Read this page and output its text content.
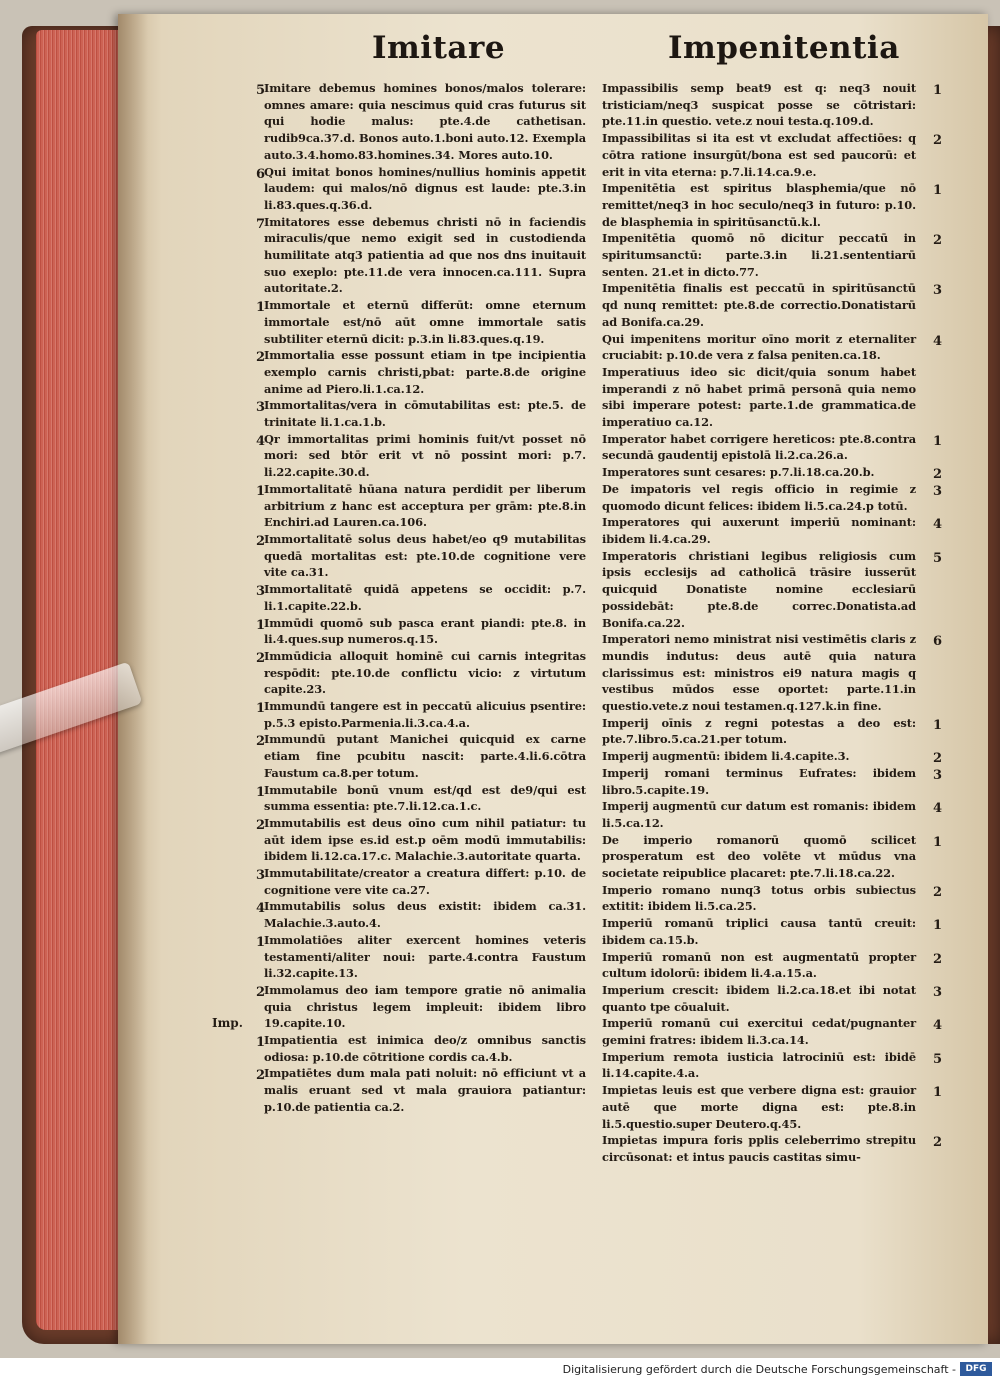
Imitare	Impenitentia
5
Imitare debemus homines bonos/malos tolerare: omnes amare: quia nescimus quid cras futurus sit qui hodie malus: pte.4.de cathetisan. rudib9ca.37.d. Bonos auto.1.boni auto.12. Exempla auto.3.4.homo.83.homines.34. Mores auto.10.
6
Qui imitat bonos homines/nullius hominis appetit laudem: qui malos/nō dignus est laude: pte.3.in li.83.ques.q.36.d.
7
Imitatores esse debemus christi nō in faciendis miraculis/que nemo exigit sed in custodienda humilitate atq3 patientia ad que nos dns inuitauit suo exeplo: pte.11.de vera innocen.ca.111. Supra autoritate.2.
1
Immortale et eternū differūt: omne eternum immortale est/nō aūt omne immortale satis subtiliter eternū dicit: p.3.in li.83.ques.q.19.
2
Immortalia esse possunt etiam in tpe incipientia exemplo carnis christi,pbat: parte.8.de origine anime ad Piero.li.1.ca.12.
3
Immortalitas/vera in cōmutabilitas est: pte.5. de trinitate li.1.ca.1.b.
4
Qr immortalitas primi hominis fuit/vt posset nō mori: sed btōr erit vt nō possint mori: p.7. li.22.capite.30.d.
1
Immortalitatē hūana natura perdidit per liberum arbitrium z hanc est acceptura per grām: pte.8.in Enchiri.ad Lauren.ca.106.
2
Immortalitatē solus deus habet/eo q9 mutabilitas quedā mortalitas est: pte.10.de cognitione vere vite ca.31.
3
Immortalitatē quidā appetens se occidit: p.7. li.1.capite.22.b.
1
Immūdi quomō sub pasca erant piandi: pte.8. in li.4.ques.sup numeros.q.15.
2
Immūdicia alloquit hominē cui carnis integritas respōdit: pte.10.de conflictu vicio: z virtutum capite.23.
1
Immundū tangere est in peccatū alicuius psentire: p.5.3 episto.Parmenia.li.3.ca.4.a.
2
Immundū putant Manichei quicquid ex carne etiam fine pcubitu nascit: parte.4.li.6.cōtra Faustum ca.8.per totum.
1
Immutabile bonū vnum est/qd est de9/qui est summa essentia: pte.7.li.12.ca.1.c.
2
Immutabilis est deus oīno cum nihil patiatur: tu aūt idem ipse es.id est.p oēm modū immutabilis: ibidem li.12.ca.17.c. Malachie.3.autoritate quarta.
3
Immutabilitate/creator a creatura differt: p.10. de cognitione vere vite ca.27.
4
Immutabilis solus deus existit: ibidem ca.31. Malachie.3.auto.4.
1
Immolatiōes aliter exercent homines veteris testamenti/aliter noui: parte.4.contra Faustum li.32.capite.13.
2
Immolamus deo iam tempore gratie nō animalia quia christus legem impleuit: ibidem libro 19.capite.10.
1
Impatientia est inimica deo/z omnibus sanctis odiosa: p.10.de cōtritione cordis ca.4.b.
Imp.
2
Impatiētes dum mala pati noluit: nō efficiunt vt a malis eruant sed vt mala grauiora patiantur: p.10.de patientia ca.2.
1
Impassibilis semp beat9 est q: neq3 nouit tristiciam/neq3 suspicat posse se cōtristari: pte.11.in questio. vete.z noui testa.q.109.d.
2
Impassibilitas si ita est vt excludat affectiōes: q cōtra ratione insurgūt/bona est sed paucorū: et erit in vita eterna: p.7.li.14.ca.9.e.
1
Impenitētia est spiritus blasphemia/que nō remittet/neq3 in hoc seculo/neq3 in futuro: p.10. de blasphemia in spiritūsanctū.k.l.
2
Impenitētia quomō nō dicitur peccatū in spiritumsanctū: parte.3.in li.21.sententiarū senten. 21.et in dicto.77.
3
Impenitētia finalis est peccatū in spiritūsanctū qd nunq remittet: pte.8.de correctio.Donatistarū ad Bonifa.ca.29.
4
Qui impenitens moritur oīno morit z eternaliter cruciabit: p.10.de vera z falsa peniten.ca.18.
Imperatiuus ideo sic dicit/quia sonum habet imperandi z nō habet primā personā quia nemo sibi imperare potest: parte.1.de grammatica.de imperatiuo ca.12.
1
Imperator habet corrigere hereticos: pte.8.contra secundā gaudentij epistolā li.2.ca.26.a.
2
Imperatores sunt cesares: p.7.li.18.ca.20.b.
3
De impatoris vel regis officio in regimie z quomodo dicunt felices: ibidem li.5.ca.24.p totū.
4
Imperatores qui auxerunt imperiū nominant: ibidem li.4.ca.29.
5
Imperatoris christiani legibus religiosis cum ipsis ecclesijs ad catholicā trāsire iusserūt quicquid Donatiste nomine ecclesiarū possidebāt: pte.8.de correc.Donatista.ad Bonifa.ca.22.
6
Imperatori nemo ministrat nisi vestimētis claris z mundis indutus: deus autē quia natura clarissimus est: ministros ei9 natura magis q vestibus mūdos esse oportet: parte.11.in questio.vete.z noui testamen.q.127.k.in fine.
1
Imperij oīnis z regni potestas a deo est: pte.7.libro.5.ca.21.per totum.
2
Imperij augmentū: ibidem li.4.capite.3.
3
Imperij romani terminus Eufrates: ibidem libro.5.capite.19.
4
Imperij augmentū cur datum est romanis: ibidem li.5.ca.12.
1
De imperio romanorū quomō scilicet prosperatum est deo volēte vt mūdus vna societate reipublice placaret: pte.7.li.18.ca.22.
2
Imperio romano nunq3 totus orbis subiectus extitit: ibidem li.5.ca.25.
1
Imperiū romanū triplici causa tantū creuit: ibidem ca.15.b.
2
Imperiū romanū non est augmentatū propter cultum idolorū: ibidem li.4.a.15.a.
3
Imperium crescit: ibidem li.2.ca.18.et ibi notat quanto tpe cōualuit.
4
Imperiū romanū cui exercitui cedat/pugnanter gemini fratres: ibidem li.3.ca.14.
5
Imperium remota iusticia latrociniū est: ibidē li.14.capite.4.a.
1
Impietas leuis est que verbere digna est: grauior autē que morte digna est: pte.8.in li.5.questio.super Deutero.q.45.
2
Impietas impura foris pplis celeberrimo strepitu circūsonat: et intus paucis castitas simu-
Digitalisierung gefördert durch die Deutsche Forschungsgemeinschaft -	DFG
